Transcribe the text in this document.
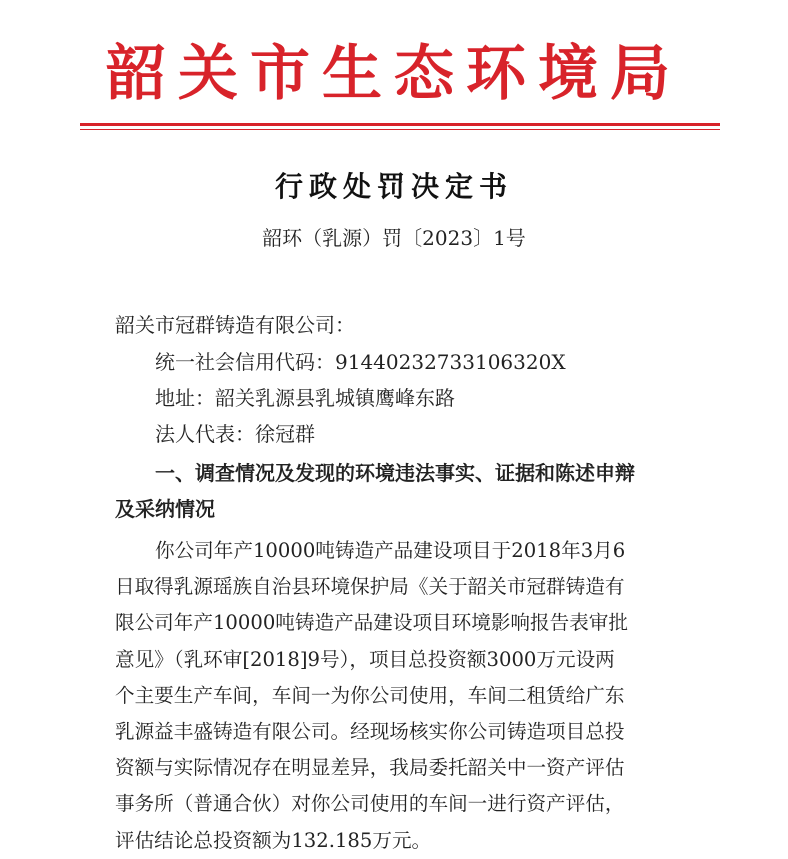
韶关市生态环境局
行政处罚决定书
韶环（乳源）罚〔2023〕1号
韶关市冠群铸造有限公司：
统一社会信用代码：91440232733106320X
地址：韶关乳源县乳城镇鹰峰东路
法人代表：徐冠群
一、调查情况及发现的环境违法事实、证据和陈述申辩
及采纳情况
你公司年产10000吨铸造产品建设项目于2018年3月6
日取得乳源瑶族自治县环境保护局《关于韶关市冠群铸造有
限公司年产10000吨铸造产品建设项目环境影响报告表审批
意见》（乳环审[2018]9号），项目总投资额3000万元设两
个主要生产车间，车间一为你公司使用，车间二租赁给广东
乳源益丰盛铸造有限公司。经现场核实你公司铸造项目总投
资额与实际情况存在明显差异，我局委托韶关中一资产评估
事务所（普通合伙）对你公司使用的车间一进行资产评估，
评估结论总投资额为132.185万元。
